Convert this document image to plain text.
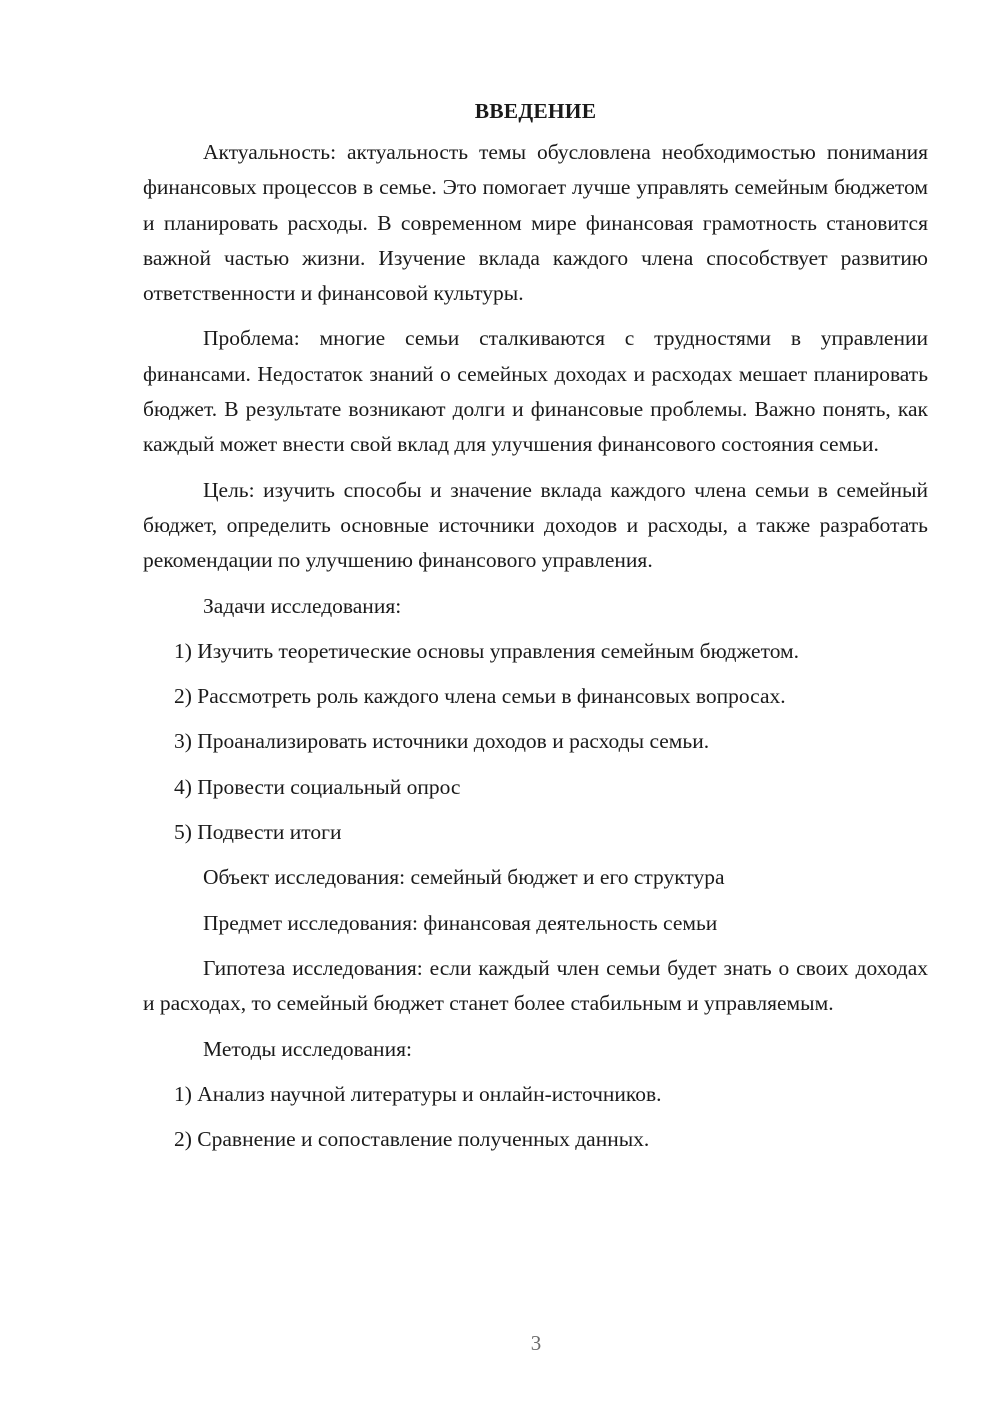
ВВЕДЕНИЕ

Актуальность: актуальность темы обусловлена необходимостью понимания финансовых процессов в семье. Это помогает лучше управлять семейным бюджетом и планировать расходы. В современном мире финансовая грамотность становится важной частью жизни. Изучение вклада каждого члена способствует развитию ответственности и финансовой культуры.

Проблема: многие семьи сталкиваются с трудностями в управлении финансами. Недостаток знаний о семейных доходах и расходах мешает планировать бюджет. В результате возникают долги и финансовые проблемы. Важно понять, как каждый может внести свой вклад для улучшения финансового состояния семьи.

Цель: изучить способы и значение вклада каждого члена семьи в семейный бюджет, определить основные источники доходов и расходы, а также разработать рекомендации по улучшению финансового управления.

Задачи исследования:

1) Изучить теоретические основы управления семейным бюджетом.
2) Рассмотреть роль каждого члена семьи в финансовых вопросах.
3) Проанализировать источники доходов и расходы семьи.
4) Провести социальный опрос
5) Подвести итоги

Объект исследования: семейный бюджет и его структура

Предмет исследования: финансовая деятельность семьи

Гипотеза исследования: если каждый член семьи будет знать о своих доходах и расходах, то семейный бюджет станет более стабильным и управляемым.

Методы исследования:

1) Анализ научной литературы и онлайн-источников.
2) Сравнение и сопоставление полученных данных.
3
